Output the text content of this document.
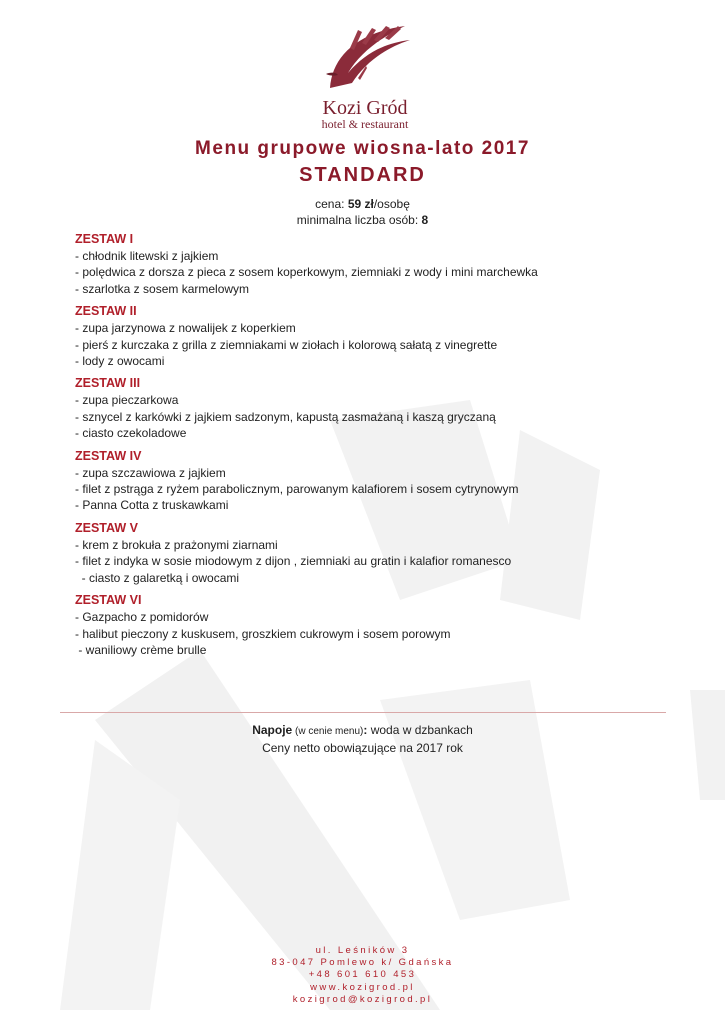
Kozi Gród
hotel & restaurant
Menu grupowe wiosna-lato 2017
STANDARD
cena: 59 zł/osobę
minimalna liczba osób: 8
ZESTAW I
- chłodnik litewski z jajkiem
- polędwica z dorsza z pieca z sosem koperkowym, ziemniaki z wody i mini marchewka
- szarlotka z sosem karmelowym
ZESTAW II
- zupa jarzynowa z nowalijek z koperkiem
- pierś z kurczaka z grilla z ziemniakami w ziołach i kolorową sałatą z vinegrette
- lody z owocami
ZESTAW III
- zupa pieczarkowa
- sznycel z karkówki z jajkiem sadzonym, kapustą zasmażaną i kaszą gryczaną
- ciasto czekoladowe
ZESTAW IV
- zupa szczawiowa z jajkiem
- filet z pstrąga z ryżem parabolicznym, parowanym kalafiorem i sosem cytrynowym
- Panna Cotta z truskawkami
ZESTAW V
- krem z brokuła z prażonymi ziarnami
- filet z indyka w sosie miodowym z dijon , ziemniaki au gratin i kalafior romanesco
- ciasto z galaretką i owocami
ZESTAW VI
- Gazpacho z pomidorów
- halibut pieczony z kuskusem, groszkiem cukrowym i sosem porowym
- waniliowy crème brulle
Napoje (w cenie menu): woda w dzbankach
Ceny netto obowiązujące na 2017 rok
ul. Leśników 3
83-047 Pomlewo k/ Gdańska
+48 601 610 453
www.kozigrod.pl
kozigrod@kozigrod.pl
